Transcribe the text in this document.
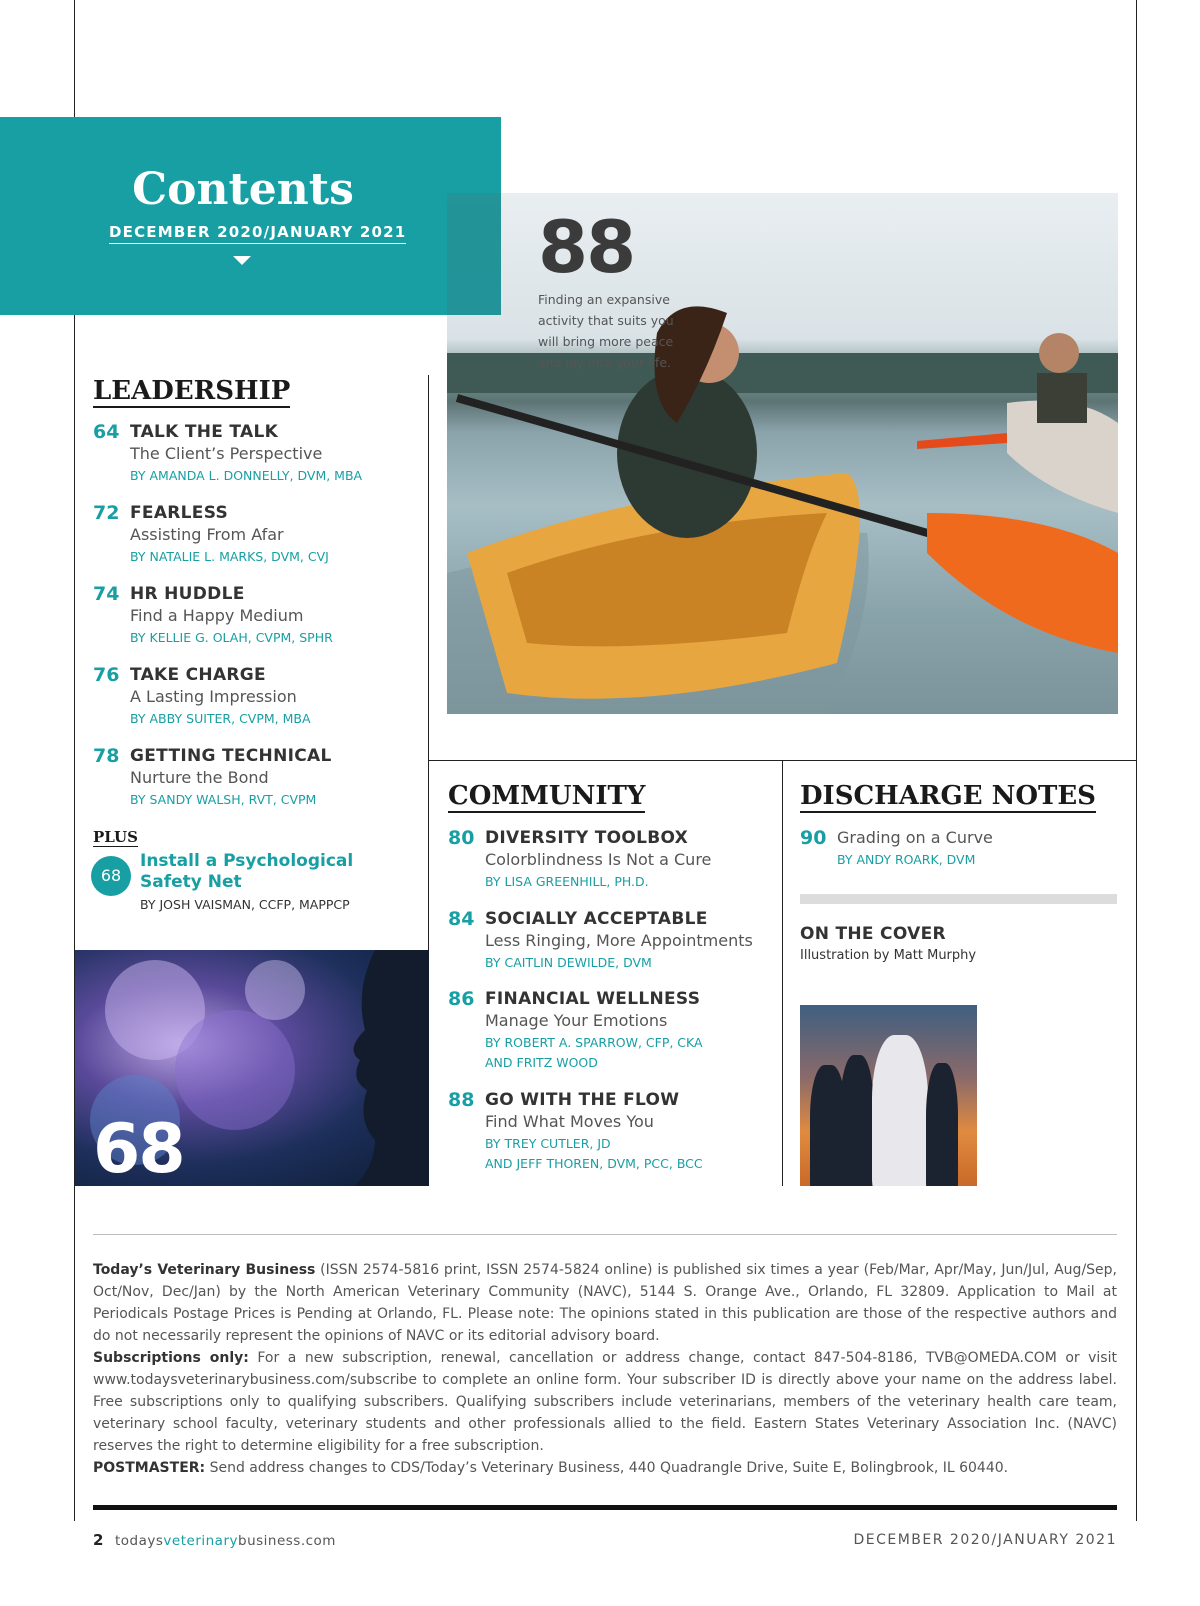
Contents
DECEMBER 2020/JANUARY 2021 88
Finding an expansive activity that suits you will bring more peace and joy into your life.
LEADERSHIP
64 TALK THE TALK
The Client’s Perspective
BY AMANDA L. DONNELLY, DVM, MBA
72 FEARLESS
Assisting From Afar
BY NATALIE L. MARKS, DVM, CVJ
74 HR HUDDLE
Find a Happy Medium
BY KELLIE G. OLAH, CVPM, SPHR
76 TAKE CHARGE
A Lasting Impression
BY ABBY SUITER, CVPM, MBA
78 GETTING TECHNICAL
Nurture the Bond
BY SANDY WALSH, RVT, CVPM
PLUS
68
Install a Psychological Safety Net
BY JOSH VAISMAN, CCFP, MAPPCP
68
COMMUNITY
80 DIVERSITY TOOLBOX
Colorblindness Is Not a Cure
BY LISA GREENHILL, PH.D.
84 SOCIALLY ACCEPTABLE
Less Ringing, More Appointments
BY CAITLIN DEWILDE, DVM
86 FINANCIAL WELLNESS
Manage Your Emotions
BY ROBERT A. SPARROW, CFP, CKA
AND FRITZ WOOD
88 GO WITH THE FLOW
Find What Moves You
BY TREY CUTLER, JD
AND JEFF THOREN, DVM, PCC, BCC
DISCHARGE NOTES
90 Grading on a Curve
BY ANDY ROARK, DVM
ON THE COVER
Illustration by Matt Murphy
Today’s Veterinary Business (ISSN 2574-5816 print, ISSN 2574-5824 online) is published six times a year (Feb/Mar, Apr/May, Jun/Jul, Aug/Sep, Oct/Nov, Dec/Jan) by the North American Veterinary Community (NAVC), 5144 S. Orange Ave., Orlando, FL 32809. Application to Mail at Periodicals Postage Prices is Pending at Orlando, FL. Please note: The opinions stated in this publication are those of the respective authors and do not necessarily represent the opinions of NAVC or its editorial advisory board.
Subscriptions only: For a new subscription, renewal, cancellation or address change, contact 847-504-8186, TVB@OMEDA.COM or visit www.todaysveterinarybusiness.com/subscribe to complete an online form. Your subscriber ID is directly above your name on the address label. Free subscriptions only to qualifying subscribers. Qualifying subscribers include veterinarians, members of the veterinary health care team, veterinary school faculty, veterinary students and other professionals allied to the field. Eastern States Veterinary Association Inc. (NAVC) reserves the right to determine eligibility for a free subscription.
POSTMASTER: Send address changes to CDS/Today’s Veterinary Business, 440 Quadrangle Drive, Suite E, Bolingbrook, IL 60440.
2 todaysveterinarybusiness.com	DECEMBER 2020/JANUARY 2021
